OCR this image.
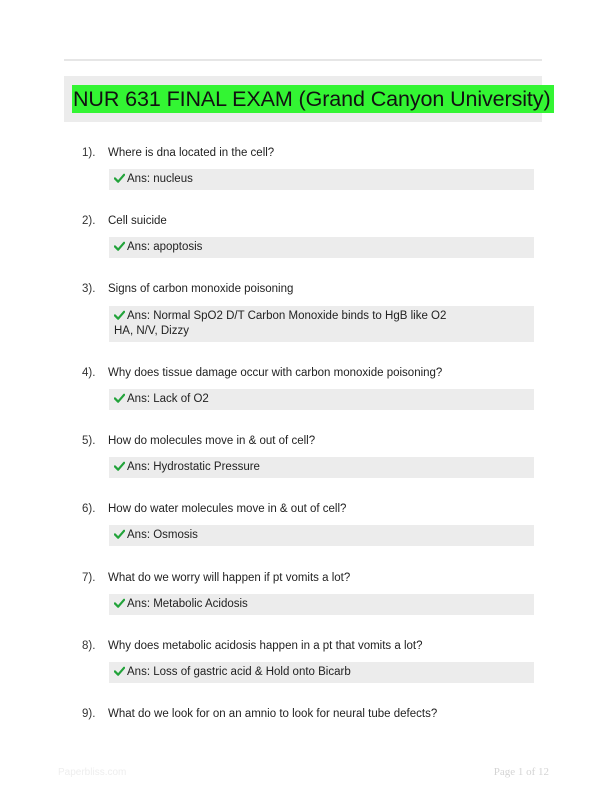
NUR 631 FINAL EXAM (Grand Canyon University)
1). Where is dna located in the cell?
Ans: nucleus
2). Cell suicide
Ans: apoptosis
3). Signs of carbon monoxide poisoning
Ans: Normal SpO2 D/T Carbon Monoxide binds to HgB like O2
HA, N/V, Dizzy
4). Why does tissue damage occur with carbon monoxide poisoning?
Ans: Lack of O2
5). How do molecules move in & out of cell?
Ans: Hydrostatic Pressure
6). How do water molecules move in & out of cell?
Ans: Osmosis
7). What do we worry will happen if pt vomits a lot?
Ans: Metabolic Acidosis
8). Why does metabolic acidosis happen in a pt that vomits a lot?
Ans: Loss of gastric acid & Hold onto Bicarb
9). What do we look for on an amnio to look for neural tube defects?
Paperbliss.com	Page 1 of 12
